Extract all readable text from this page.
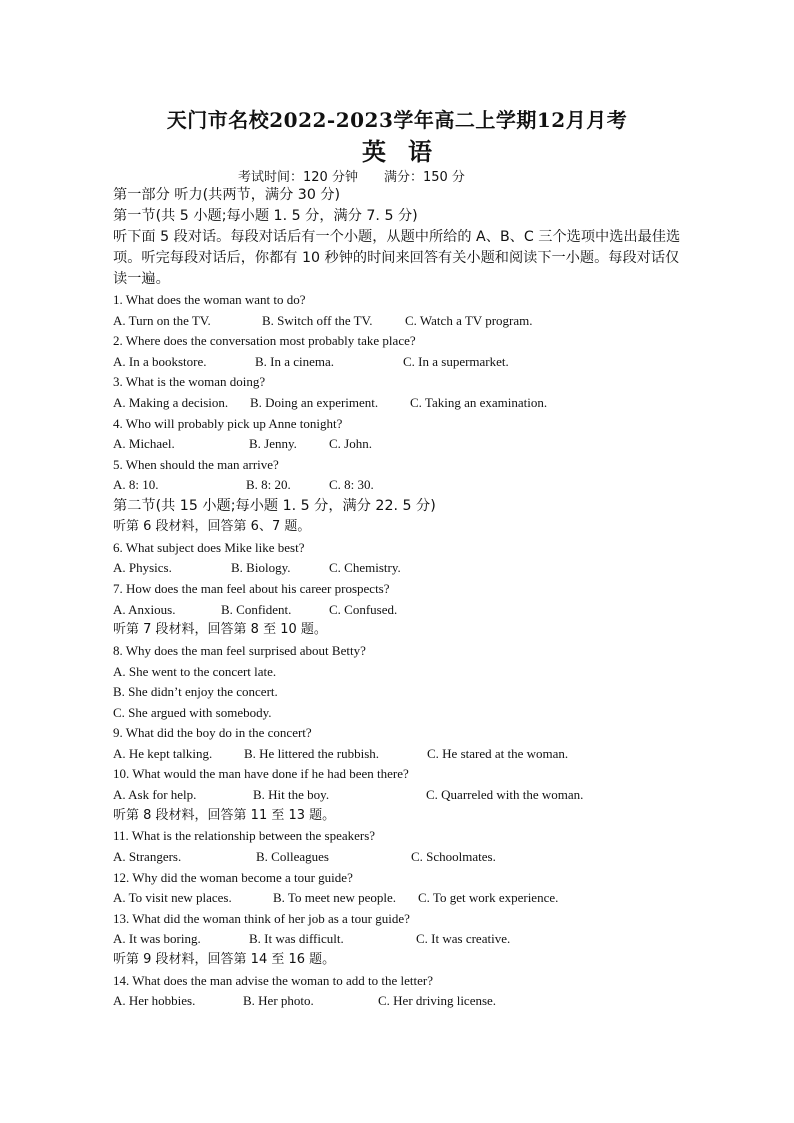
天门市名校2022-2023学年高二上学期12月月考
英语
考试时间：120 分钟 满分：150 分
第一部分 听力(共两节，满分 30 分)
第一节(共 5 小题;每小题 1. 5 分，满分 7. 5 分)
听下面 5 段对话。每段对话后有一个小题，从题中所给的 A、B、C 三个选项中选出最佳选项。听完每段对话后，你都有 10 秒钟的时间来回答有关小题和阅读下一小题。每段对话仅读一遍。
1. What does the woman want to do?
A. Turn on the TV.	B. Switch off the TV. C. Watch a TV program.
2. Where does the conversation most probably take place?
A. In a bookstore.	B. In a cinema.	C. In a supermarket.
3. What is the woman doing?
A. Making a decision. B. Doing an experiment. C. Taking an examination.
4. Who will probably pick up Anne tonight?
A. Michael.	B. Jenny. C. John.
5. When should the man arrive?
A. 8: 10.	B. 8: 20.	C. 8: 30.
第二节(共 15 小题;每小题 1. 5 分，满分 22. 5 分)
听第 6 段材料，回答第 6、7 题。
6. What subject does Mike like best?
A. Physics.	B. Biology.	C. Chemistry.
7. How does the man feel about his career prospects?
A. Anxious.	B. Confident.	C. Confused.
听第 7 段材料，回答第 8 至 10 题。
8. Why does the man feel surprised about Betty?
A. She went to the concert late.
B. She didn’t enjoy the concert.
C. She argued with somebody.
9. What did the boy do in the concert?
A. He kept talking. B. He littered the rubbish.	C. He stared at the woman.
10. What would the man have done if he had been there?
A. Ask for help.	B. Hit the boy.	C. Quarreled with the woman.
听第 8 段材料，回答第 11 至 13 题。
11. What is the relationship between the speakers?
A. Strangers.	B. Colleagues	C. Schoolmates.
12. Why did the woman become a tour guide?
A. To visit new places.	B. To meet new people. C. To get work experience.
13. What did the woman think of her job as a tour guide?
A. It was boring.	B. It was difficult.	C. It was creative.
听第 9 段材料，回答第 14 至 16 题。
14. What does the man advise the woman to add to the letter?
A. Her hobbies.	B. Her photo.	C. Her driving license.
